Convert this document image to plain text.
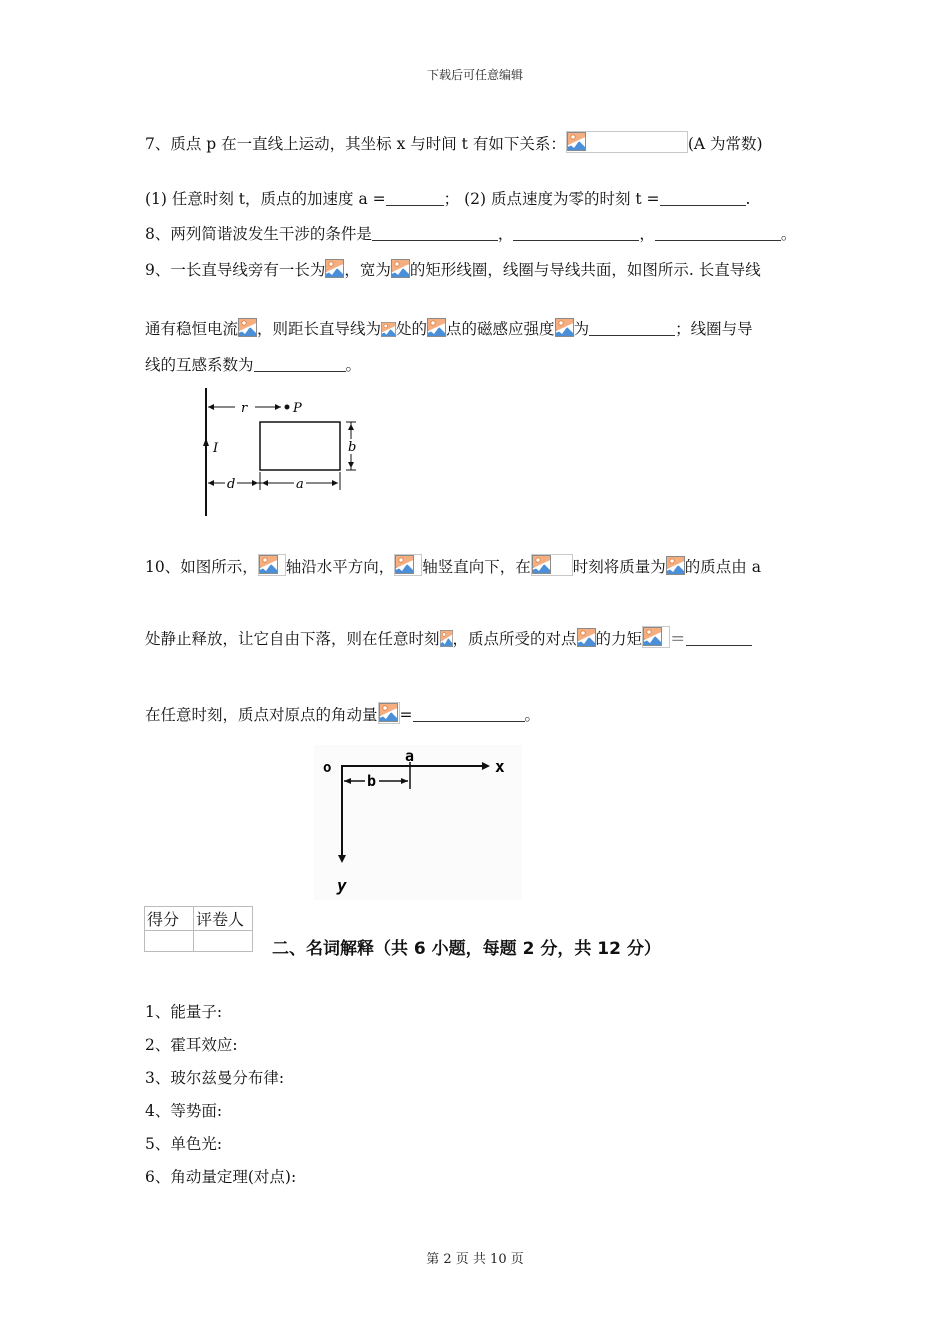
下载后可任意编辑
7、质点 p 在一直线上运动，其坐标 x 与时间 t 有如下关系：	(A 为常数)
(1) 任意时刻 t，质点的加速度 a =	； (2) 质点速度为零的时刻 t =	.
8、两列简谐波发生干涉的条件是	，	，	。
9、一长直导线旁有一长为 ，宽为 的矩形线圈，线圈与导线共面，如图所示. 长直导线
通有稳恒电流 ，则距长直导线为 处的 点的磁感应强度 为	；线圈与导
线的互感系数为	。
I
r	P
b
d	a
10、如图所示， 轴沿水平方向， 轴竖直向下，在	时刻将质量为 的质点由 a
处静止释放，让它自由下落，则在任意时刻 ，质点所受的对点 的力矩 ＝
在任意时刻，质点对原点的角动量 =	。
o
a
x
b
y
得分	评卷人

二、名词解释（共 6 小题，每题 2 分，共 12 分）
1、能量子:
2、霍耳效应:
3、玻尔兹曼分布律:
4、等势面:
5、单色光:
6、角动量定理(对点):
第 2 页 共 10 页
